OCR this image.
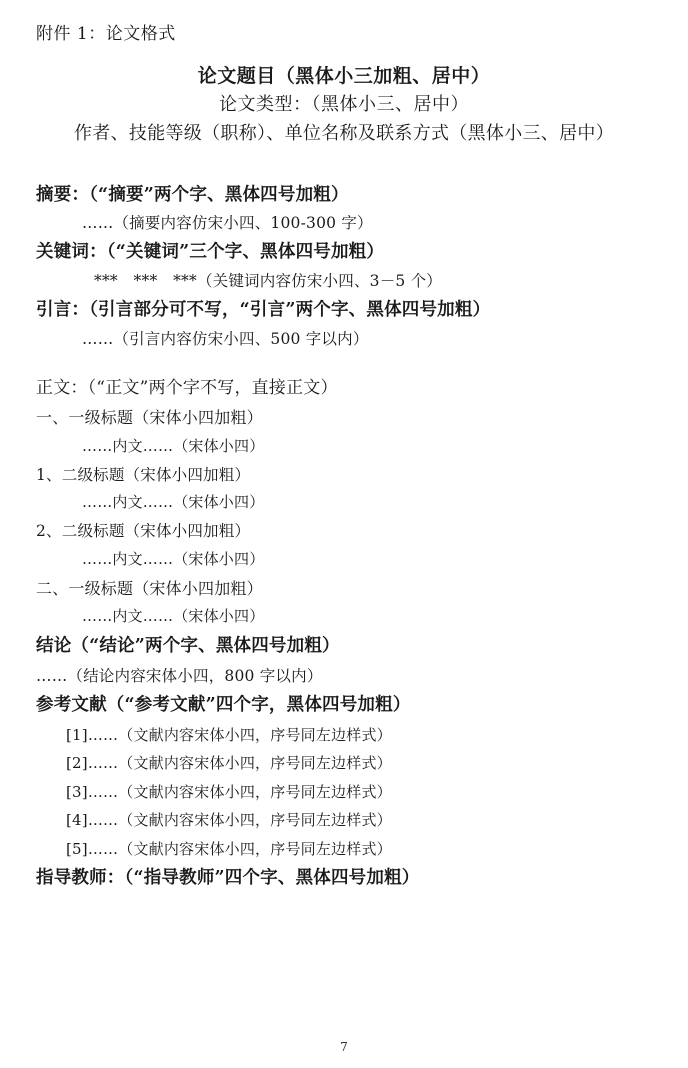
附件 1：论文格式
论文题目（黑体小三加粗、居中）
论文类型：（黑体小三、居中）
作者、技能等级（职称）、单位名称及联系方式（黑体小三、居中）
摘要：（“摘要”两个字、黑体四号加粗）
……（摘要内容仿宋小四、100-300 字）
关键词：（“关键词”三个字、黑体四号加粗）
***　***　***（关键词内容仿宋小四、3－5 个）
引言：（引言部分可不写，“引言”两个字、黑体四号加粗）
……（引言内容仿宋小四、500 字以内）
正文：（“正文”两个字不写，直接正文）
一、一级标题（宋体小四加粗）
……内文……（宋体小四）
1、二级标题（宋体小四加粗）
……内文……（宋体小四）
2、二级标题（宋体小四加粗）
……内文……（宋体小四）
二、一级标题（宋体小四加粗）
……内文……（宋体小四）
结论（“结论”两个字、黑体四号加粗）
……（结论内容宋体小四，800 字以内）
参考文献（“参考文献”四个字，黑体四号加粗）
[1]……（文献内容宋体小四，序号同左边样式）
[2]……（文献内容宋体小四，序号同左边样式）
[3]……（文献内容宋体小四，序号同左边样式）
[4]……（文献内容宋体小四，序号同左边样式）
[5]……（文献内容宋体小四，序号同左边样式）
指导教师：（“指导教师”四个字、黑体四号加粗）
7
